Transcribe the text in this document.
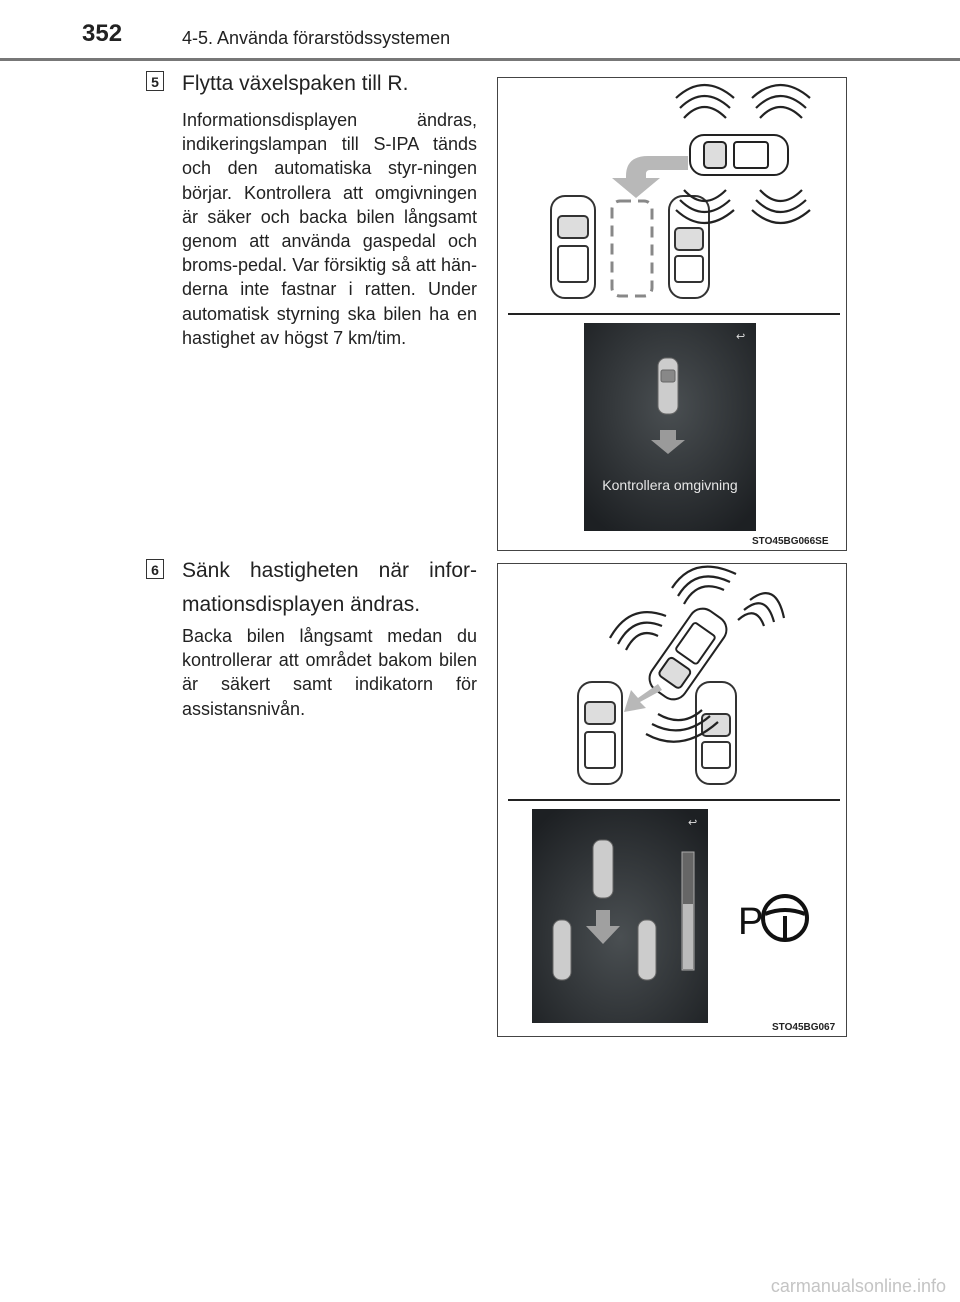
352	4-5. Använda förarstödssystemen
5 Flytta växelspaken till R.
Informationsdisplayen ändras, indikeringslampan till S-IPA tänds och den automatiska styr-ningen börjar. Kontrollera att omgivningen är säker och backa bilen långsamt genom att använda gaspedal och broms-pedal. Var försiktig så att hän-derna inte fastnar i ratten. Under automatisk styrning ska bilen ha en hastighet av högst 7 km/tim.	↩
Kontrollera omgivning
STO45BG066SE
6 Sänk hastigheten när infor-mationsdisplayen ändras.
Backa bilen långsamt medan du kontrollerar att området bakom bilen är säkert samt indikatorn för assistansnivån.
↩
P
STO45BG067
carmanualsonline.info
